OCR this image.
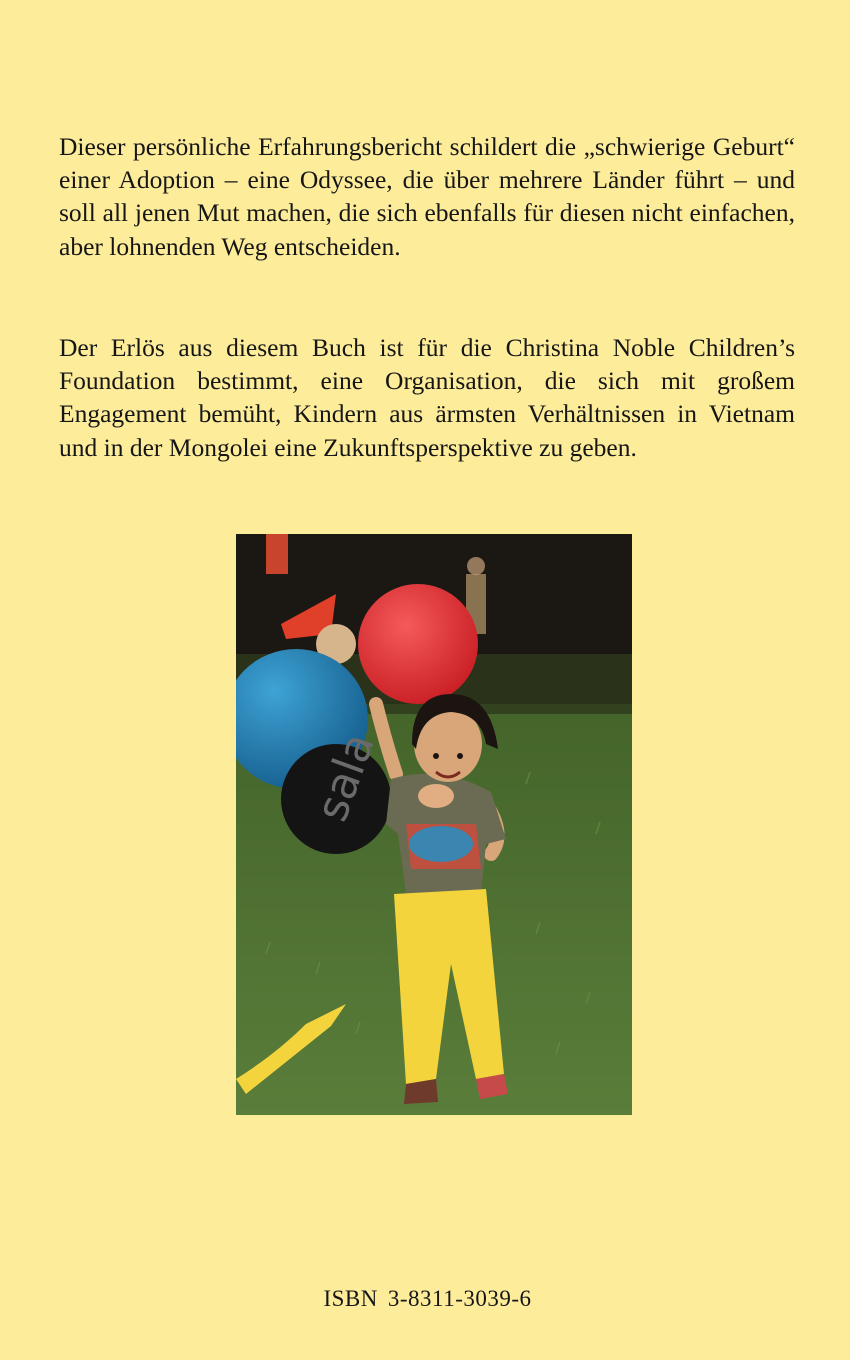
Dieser persönliche Erfahrungsbericht schildert die „schwierige Geburt“ einer Adoption – eine Odyssee, die über mehrere Länder führt – und soll all jenen Mut machen, die sich ebenfalls für diesen nicht einfachen, aber lohnenden Weg entscheiden.

Der Erlös aus diesem Buch ist für die Christina Noble Children’s Foundation bestimmt, eine Organisation, die sich mit großem Engagement bemüht, Kindern aus ärmsten Verhältnissen in Vietnam und in der Mongolei eine Zukunftsperspektive zu geben.

sala

ISBN 3-8311-3039-6
